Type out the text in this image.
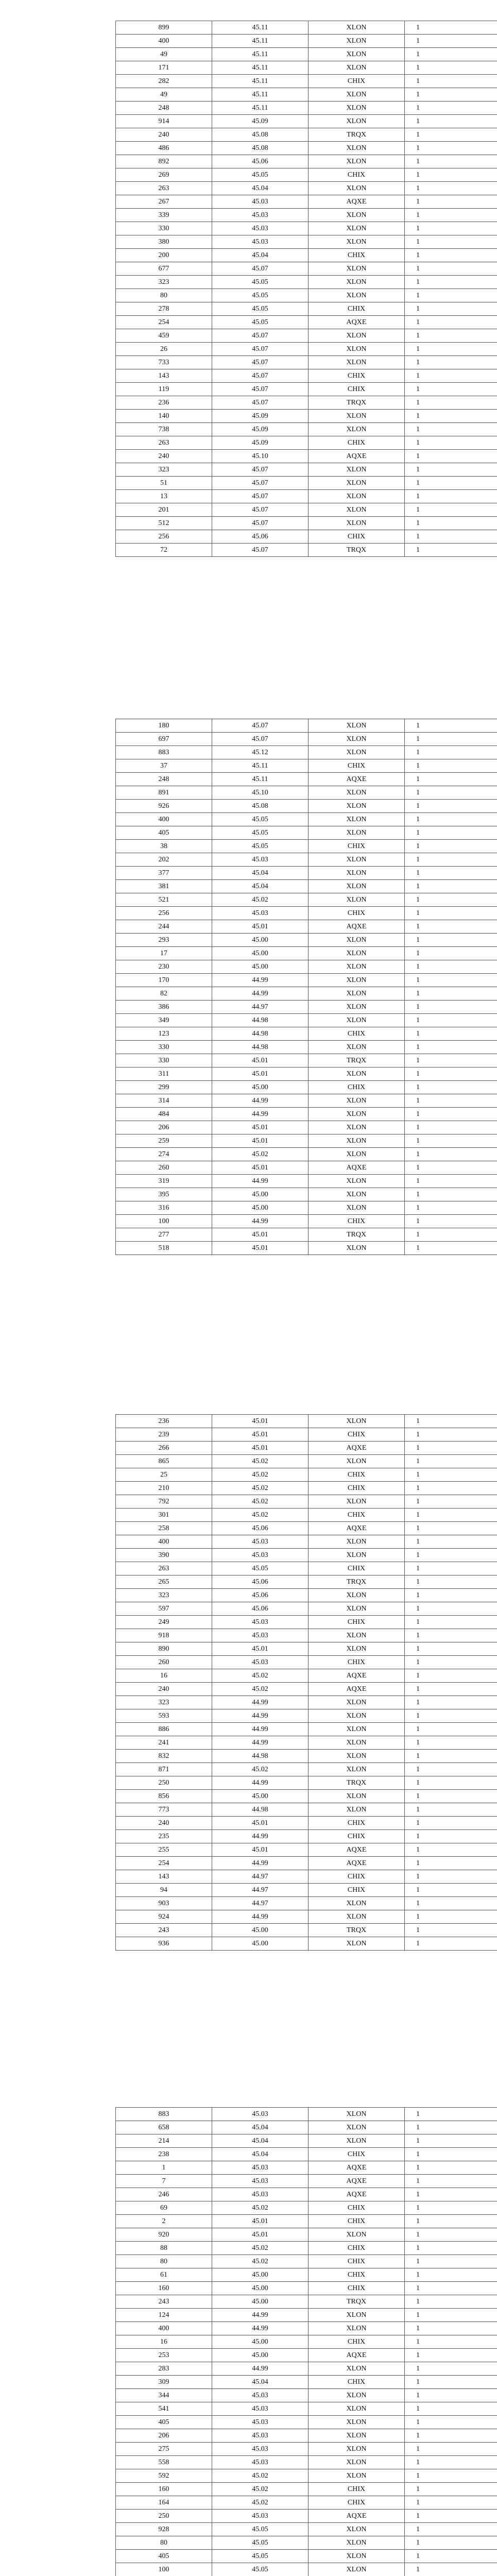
899	45.11	XLON	1
400	45.11	XLON	1
49	45.11	XLON	1
171	45.11	XLON	1
282	45.11	CHIX	1
49	45.11	XLON	1
248	45.11	XLON	1
914	45.09	XLON	1
240	45.08	TRQX	1
486	45.08	XLON	1
892	45.06	XLON	1
269	45.05	CHIX	1
263	45.04	XLON	1
267	45.03	AQXE	1
339	45.03	XLON	1
330	45.03	XLON	1
380	45.03	XLON	1
200	45.04	CHIX	1
677	45.07	XLON	1
323	45.05	XLON	1
80	45.05	XLON	1
278	45.05	CHIX	1
254	45.05	AQXE	1
459	45.07	XLON	1
26	45.07	XLON	1
733	45.07	XLON	1
143	45.07	CHIX	1
119	45.07	CHIX	1
236	45.07	TRQX	1
140	45.09	XLON	1
738	45.09	XLON	1
263	45.09	CHIX	1
240	45.10	AQXE	1
323	45.07	XLON	1
51	45.07	XLON	1
13	45.07	XLON	1
201	45.07	XLON	1
512	45.07	XLON	1
256	45.06	CHIX	1
72	45.07	TRQX	1
180	45.07	XLON	1
697	45.07	XLON	1
883	45.12	XLON	1
37	45.11	CHIX	1
248	45.11	AQXE	1
891	45.10	XLON	1
926	45.08	XLON	1
400	45.05	XLON	1
405	45.05	XLON	1
38	45.05	CHIX	1
202	45.03	XLON	1
377	45.04	XLON	1
381	45.04	XLON	1
521	45.02	XLON	1
256	45.03	CHIX	1
244	45.01	AQXE	1
293	45.00	XLON	1
17	45.00	XLON	1
230	45.00	XLON	1
170	44.99	XLON	1
82	44.99	XLON	1
386	44.97	XLON	1
349	44.98	XLON	1
123	44.98	CHIX	1
330	44.98	XLON	1
330	45.01	TRQX	1
311	45.01	XLON	1
299	45.00	CHIX	1
314	44.99	XLON	1
484	44.99	XLON	1
206	45.01	XLON	1
259	45.01	XLON	1
274	45.02	XLON	1
260	45.01	AQXE	1
319	44.99	XLON	1
395	45.00	XLON	1
316	45.00	XLON	1
100	44.99	CHIX	1
277	45.01	TRQX	1
518	45.01	XLON	1
236	45.01	XLON	1
239	45.01	CHIX	1
266	45.01	AQXE	1
865	45.02	XLON	1
25	45.02	CHIX	1
210	45.02	CHIX	1
792	45.02	XLON	1
301	45.02	CHIX	1
258	45.06	AQXE	1
400	45.03	XLON	1
390	45.03	XLON	1
263	45.05	CHIX	1
265	45.06	TRQX	1
323	45.06	XLON	1
597	45.06	XLON	1
249	45.03	CHIX	1
918	45.03	XLON	1
890	45.01	XLON	1
260	45.03	CHIX	1
16	45.02	AQXE	1
240	45.02	AQXE	1
323	44.99	XLON	1
593	44.99	XLON	1
886	44.99	XLON	1
241	44.99	XLON	1
832	44.98	XLON	1
871	45.02	XLON	1
250	44.99	TRQX	1
856	45.00	XLON	1
773	44.98	XLON	1
240	45.01	CHIX	1
235	44.99	CHIX	1
255	45.01	AQXE	1
254	44.99	AQXE	1
143	44.97	CHIX	1
94	44.97	CHIX	1
903	44.97	XLON	1
924	44.99	XLON	1
243	45.00	TRQX	1
936	45.00	XLON	1
883	45.03	XLON	1
658	45.04	XLON	1
214	45.04	XLON	1
238	45.04	CHIX	1
1	45.03	AQXE	1
7	45.03	AQXE	1
246	45.03	AQXE	1
69	45.02	CHIX	1
2	45.01	CHIX	1
920	45.01	XLON	1
88	45.02	CHIX	1
80	45.02	CHIX	1
61	45.00	CHIX	1
160	45.00	CHIX	1
243	45.00	TRQX	1
124	44.99	XLON	1
400	44.99	XLON	1
16	45.00	CHIX	1
253	45.00	AQXE	1
283	44.99	XLON	1
309	45.04	CHIX	1
344	45.03	XLON	1
541	45.03	XLON	1
405	45.03	XLON	1
206	45.03	XLON	1
275	45.03	XLON	1
558	45.03	XLON	1
592	45.02	XLON	1
160	45.02	CHIX	1
164	45.02	CHIX	1
250	45.03	AQXE	1
928	45.05	XLON	1
80	45.05	XLON	1
405	45.05	XLON	1
100	45.05	XLON	1
